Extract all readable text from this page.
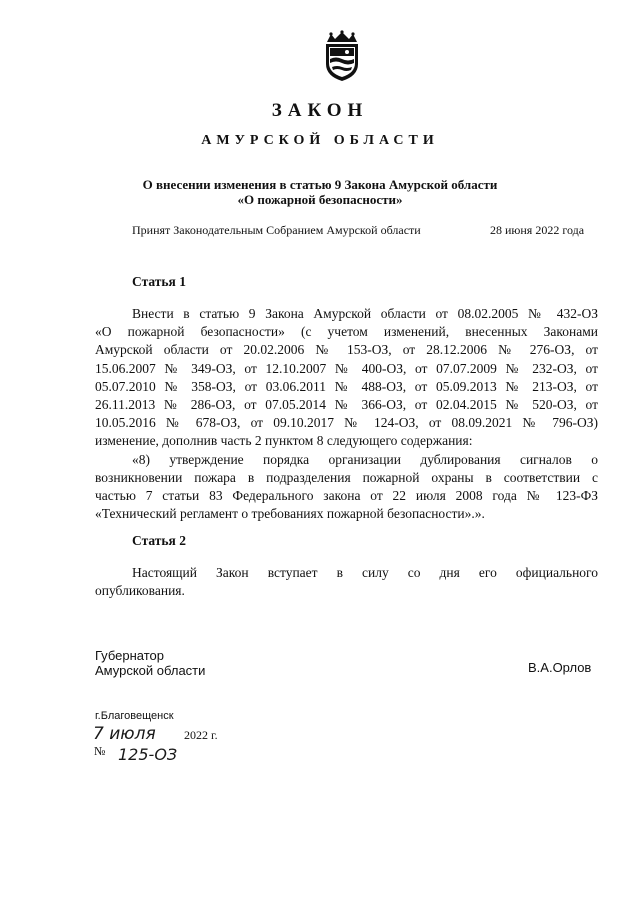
ЗАКОН
АМУРСКОЙ ОБЛАСТИ
О внесении изменения в статью 9 Закона Амурской области
«О пожарной безопасности»
Принят Законодательным Собранием Амурской области	28 июня 2022 года
Статья 1
Внести в статью 9 Закона Амурской области от 08.02.2005 № 432-ОЗ
«О пожарной безопасности» (с учетом изменений, внесенных Законами
Амурской области от 20.02.2006 № 153-ОЗ, от 28.12.2006 № 276-ОЗ, от
15.06.2007 № 349-ОЗ, от 12.10.2007 № 400-ОЗ, от 07.07.2009 № 232-ОЗ, от
05.07.2010 № 358-ОЗ, от 03.06.2011 № 488-ОЗ, от 05.09.2013 № 213-ОЗ, от
26.11.2013 № 286-ОЗ, от 07.05.2014 № 366-ОЗ, от 02.04.2015 № 520-ОЗ, от
10.05.2016 № 678-ОЗ, от 09.10.2017 № 124-ОЗ, от 08.09.2021 № 796-ОЗ)
изменение, дополнив часть 2 пунктом 8 следующего содержания:
«8) утверждение порядка организации дублирования сигналов о
возникновении пожара в подразделения пожарной охраны в соответствии с
частью 7 статьи 83 Федерального закона от 22 июля 2008 года № 123-ФЗ
«Технический регламент о требованиях пожарной безопасности».».
Статья 2
Настоящий Закон вступает в силу со дня его официального
опубликования.
Губернатор
Амурской области	В.А.Орлов
г.Благовещенск
7 июля 2022 г.
№ 125-ОЗ
